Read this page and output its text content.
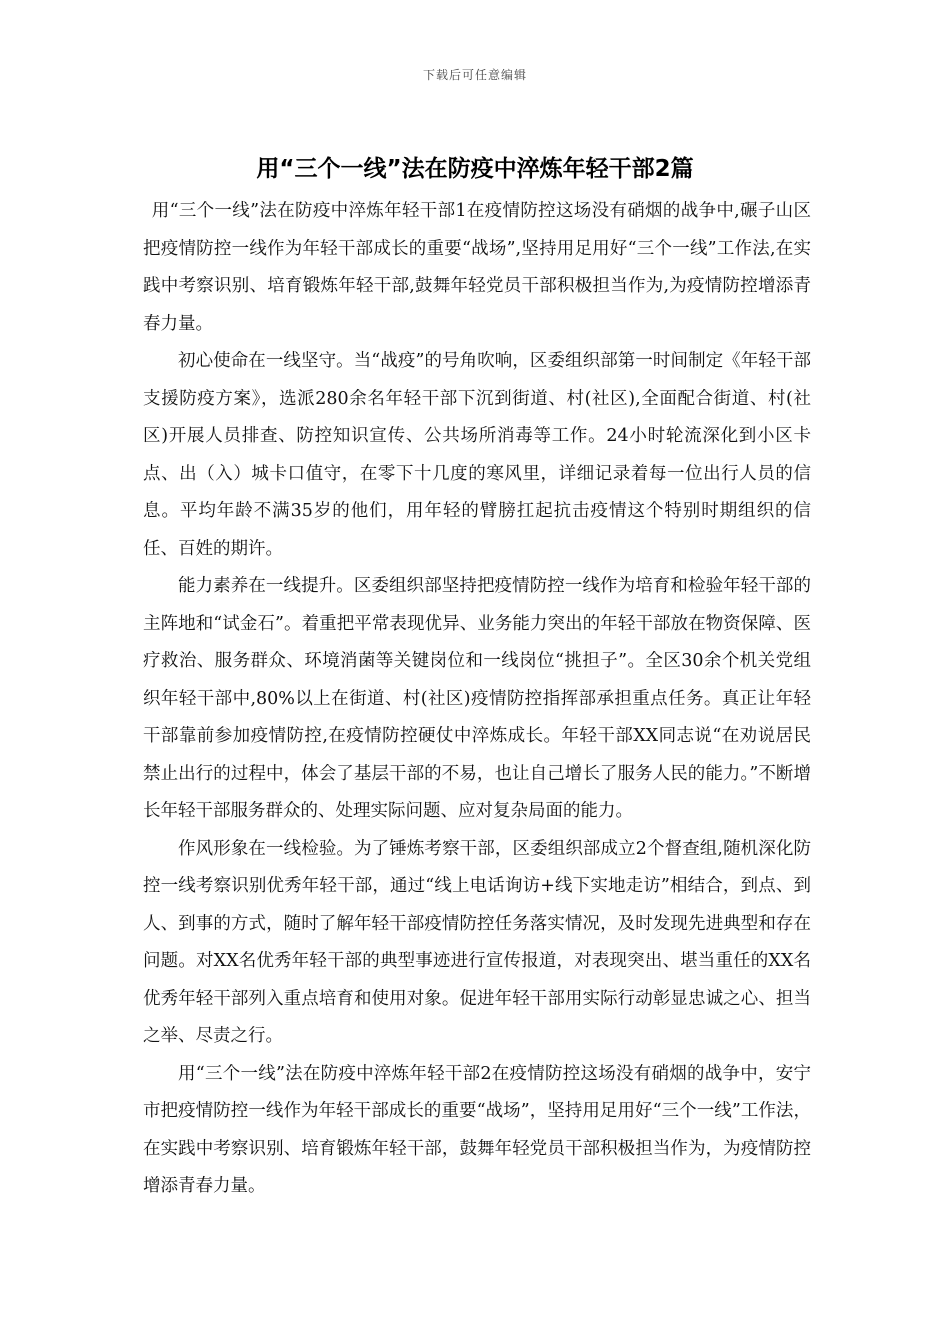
下载后可任意编辑
用“三个一线”法在防疫中淬炼年轻干部2篇

用“三个一线”法在防疫中淬炼年轻干部1在疫情防控这场没有硝烟的战争中,碾子山区把疫情防控一线作为年轻干部成长的重要“战场”,坚持用足用好“三个一线”工作法,在实践中考察识别、培育锻炼年轻干部,鼓舞年轻党员干部积极担当作为,为疫情防控增添青春力量。

初心使命在一线坚守。当“战疫”的号角吹响，区委组织部第一时间制定《年轻干部支援防疫方案》，选派280余名年轻干部下沉到街道、村(社区),全面配合街道、村(社区)开展人员排查、防控知识宣传、公共场所消毒等工作。24小时轮流深化到小区卡点、出（入）城卡口值守，在零下十几度的寒风里，详细记录着每一位出行人员的信息。平均年龄不满35岁的他们，用年轻的臂膀扛起抗击疫情这个特别时期组织的信任、百姓的期许。

能力素养在一线提升。区委组织部坚持把疫情防控一线作为培育和检验年轻干部的主阵地和“试金石”。着重把平常表现优异、业务能力突出的年轻干部放在物资保障、医疗救治、服务群众、环境消菌等关键岗位和一线岗位“挑担子”。全区30余个机关党组织年轻干部中,80%以上在街道、村(社区)疫情防控指挥部承担重点任务。真正让年轻干部靠前参加疫情防控,在疫情防控硬仗中淬炼成长。年轻干部XX同志说“在劝说居民禁止出行的过程中，体会了基层干部的不易，也让自己增长了服务人民的能力。”不断增长年轻干部服务群众的、处理实际问题、应对复杂局面的能力。

作风形象在一线检验。为了锤炼考察干部，区委组织部成立2个督查组,随机深化防控一线考察识别优秀年轻干部，通过“线上电话询访+线下实地走访”相结合，到点、到人、到事的方式，随时了解年轻干部疫情防控任务落实情况，及时发现先进典型和存在问题。对XX名优秀年轻干部的典型事迹进行宣传报道，对表现突出、堪当重任的XX名优秀年轻干部列入重点培育和使用对象。促进年轻干部用实际行动彰显忠诚之心、担当之举、尽责之行。

用“三个一线”法在防疫中淬炼年轻干部2在疫情防控这场没有硝烟的战争中，安宁市把疫情防控一线作为年轻干部成长的重要“战场”，坚持用足用好“三个一线”工作法，在实践中考察识别、培育锻炼年轻干部，鼓舞年轻党员干部积极担当作为，为疫情防控增添青春力量。
